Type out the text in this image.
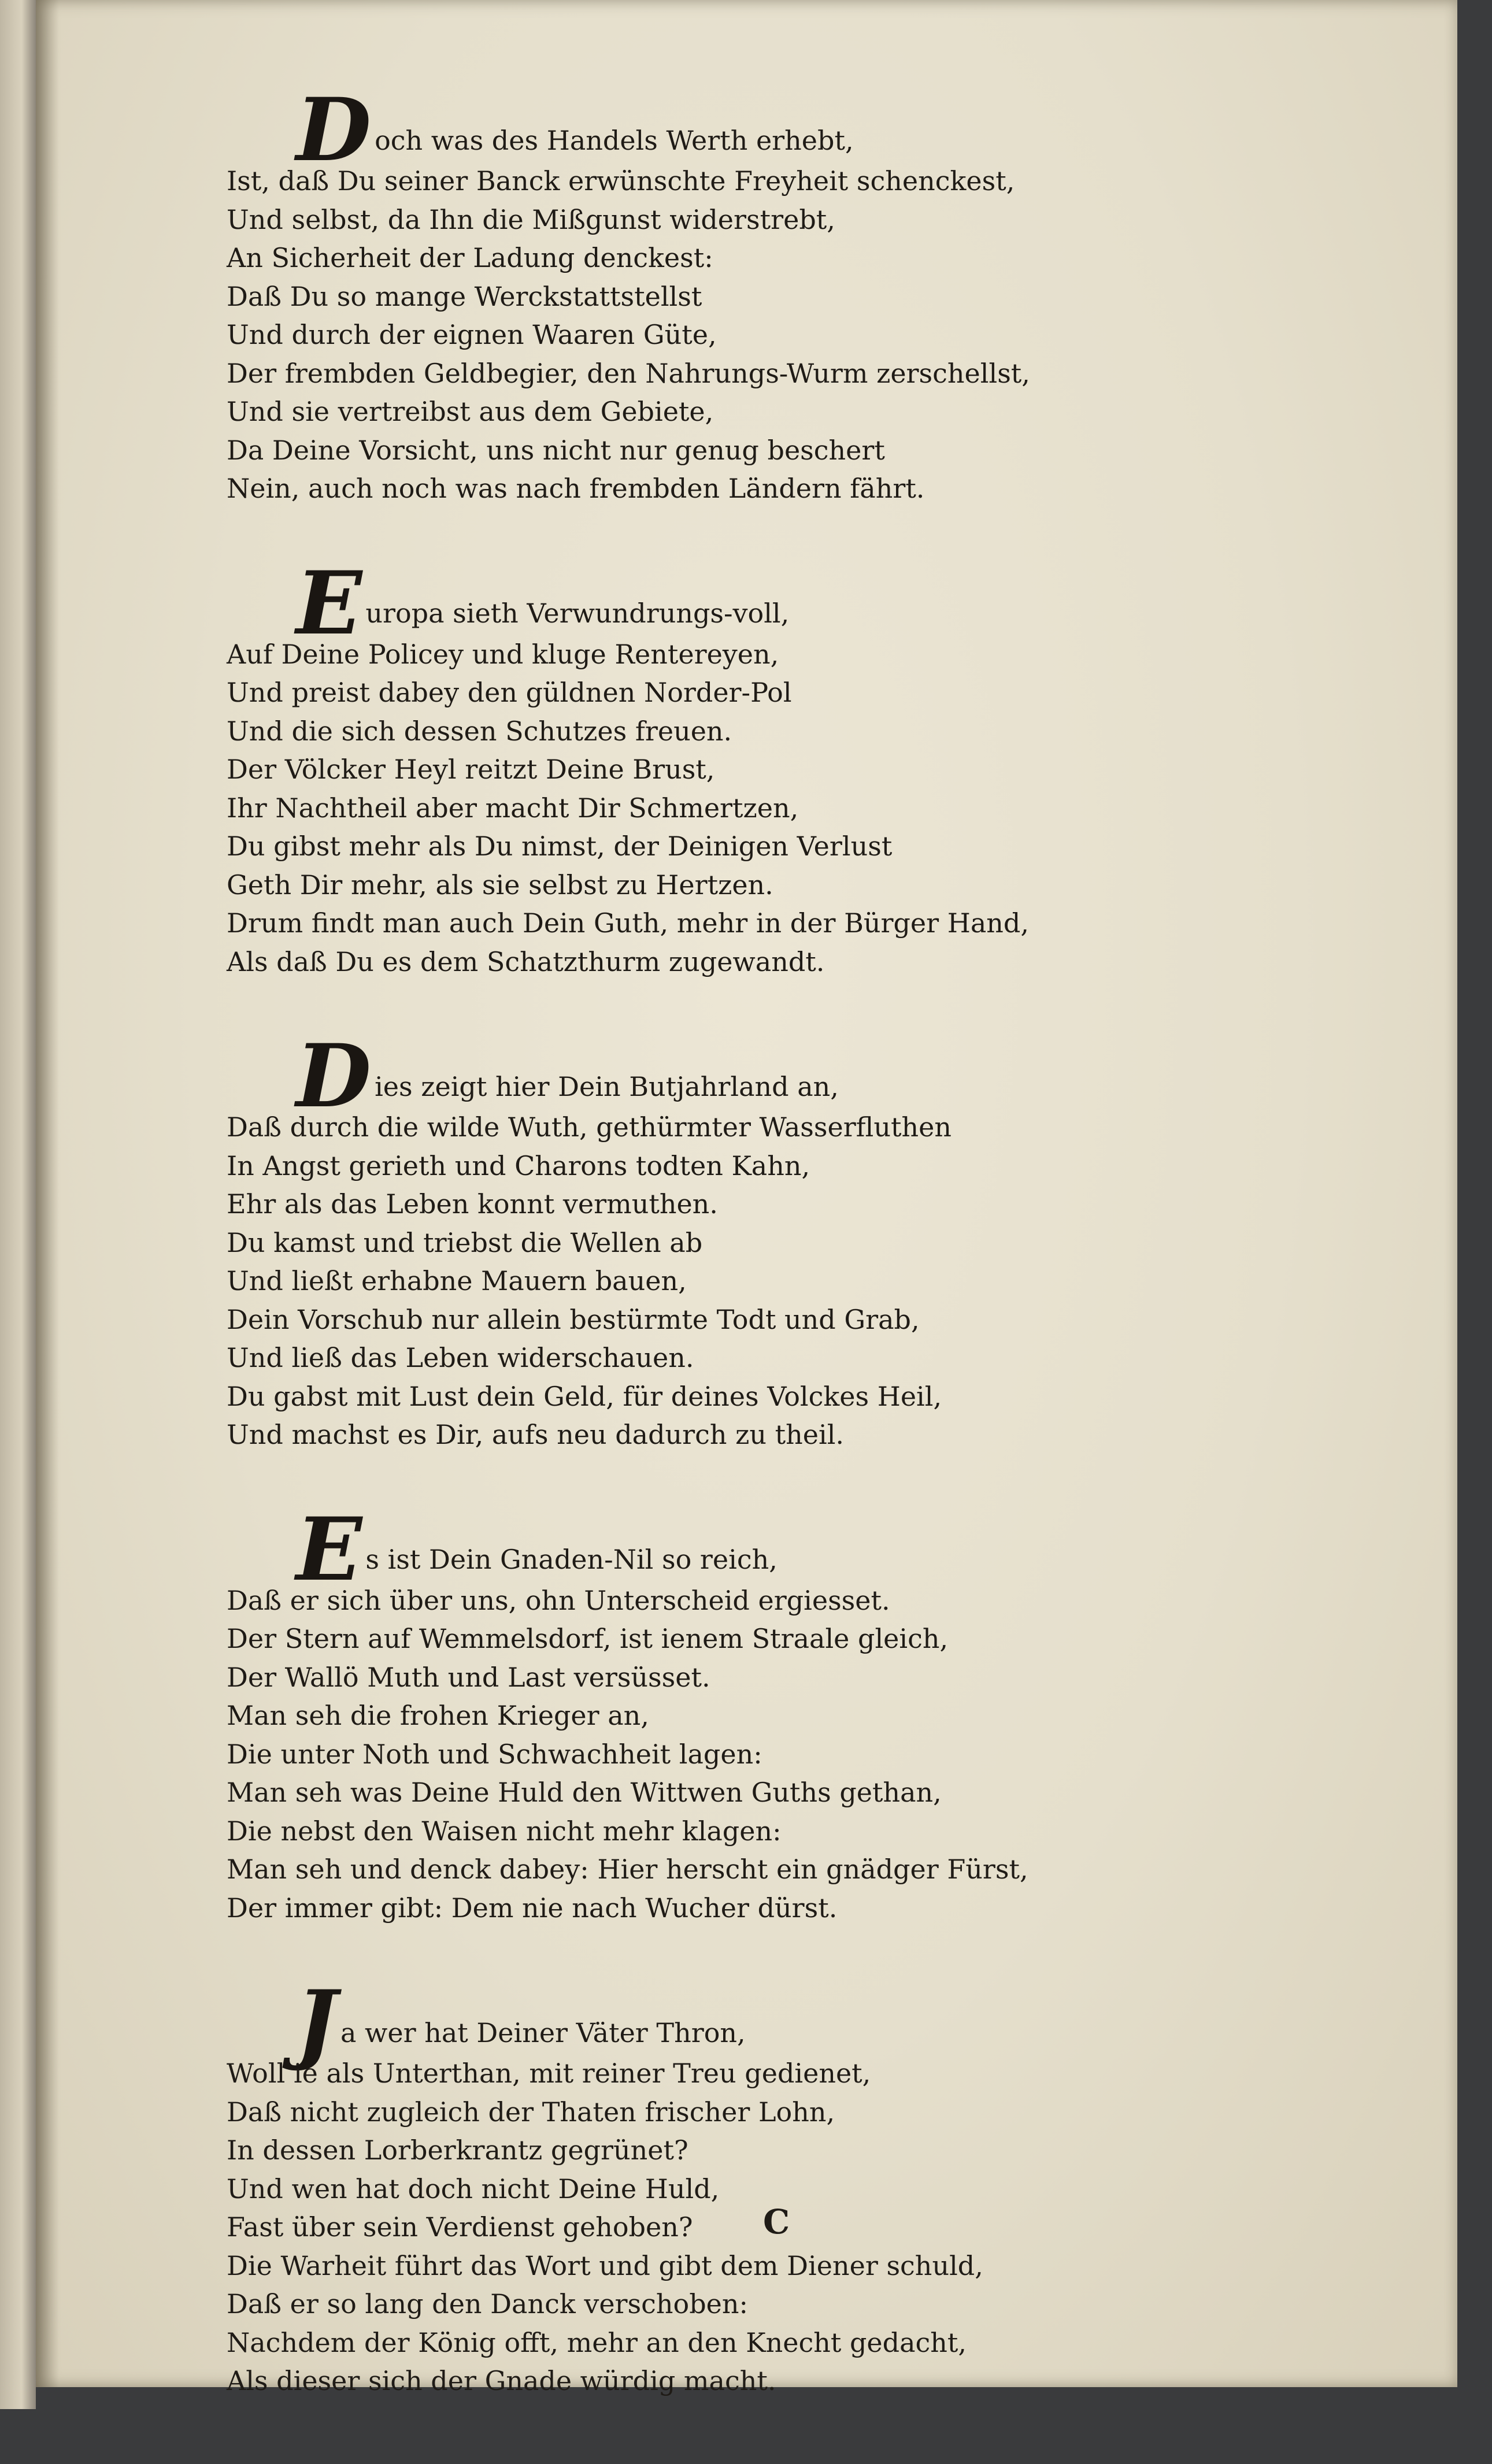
D och was des Handels Werth erhebt,
Ist, daß Du seiner Banck erwünschte Freyheit schenckest,
Und selbst, da Ihn die Mißgunst widerstrebt,
An Sicherheit der Ladung denckest:
Daß Du so mange Werckstattstellst
Und durch der eignen Waaren Güte,
Der frembden Geldbegier, den Nahrungs-Wurm zerschellst,
Und sie vertreibst aus dem Gebiete,
Da Deine Vorsicht, uns nicht nur genug beschert
Nein, auch noch was nach frembden Ländern fährt.
E uropa sieth Verwundrungs-voll,
Auf Deine Policey und kluge Rentereyen,
Und preist dabey den güldnen Norder-Pol
Und die sich dessen Schutzes freuen.
Der Völcker Heyl reitzt Deine Brust,
Ihr Nachtheil aber macht Dir Schmertzen,
Du gibst mehr als Du nimst, der Deinigen Verlust
Geth Dir mehr, als sie selbst zu Hertzen.
Drum findt man auch Dein Guth, mehr in der Bürger Hand,
Als daß Du es dem Schatzthurm zugewandt.
D ies zeigt hier Dein Butjahrland an,
Daß durch die wilde Wuth, gethürmter Wasserfluthen
In Angst gerieth und Charons todten Kahn,
Ehr als das Leben konnt vermuthen.
Du kamst und triebst die Wellen ab
Und ließt erhabne Mauern bauen,
Dein Vorschub nur allein bestürmte Todt und Grab,
Und ließ das Leben widerschauen.
Du gabst mit Lust dein Geld, für deines Volckes Heil,
Und machst es Dir, aufs neu dadurch zu theil.
E s ist Dein Gnaden-Nil so reich,
Daß er sich über uns, ohn Unterscheid ergiesset.
Der Stern auf Wemmelsdorf, ist ienem Straale gleich,
Der Wallö Muth und Last versüsset.
Man seh die frohen Krieger an,
Die unter Noth und Schwachheit lagen:
Man seh was Deine Huld den Wittwen Guths gethan,
Die nebst den Waisen nicht mehr klagen:
Man seh und denck dabey: Hier herscht ein gnädger Fürst,
Der immer gibt: Dem nie nach Wucher dürst.
J a wer hat Deiner Väter Thron,
Woll ie als Unterthan, mit reiner Treu gedienet,
Daß nicht zugleich der Thaten frischer Lohn,
In dessen Lorberkrantz gegrünet?
Und wen hat doch nicht Deine Huld,
Fast über sein Verdienst gehoben?
Die Warheit führt das Wort und gibt dem Diener schuld,
Daß er so lang den Danck verschoben:
Nachdem der König offt, mehr an den Knecht gedacht,
Als dieser sich der Gnade würdig macht.
C
